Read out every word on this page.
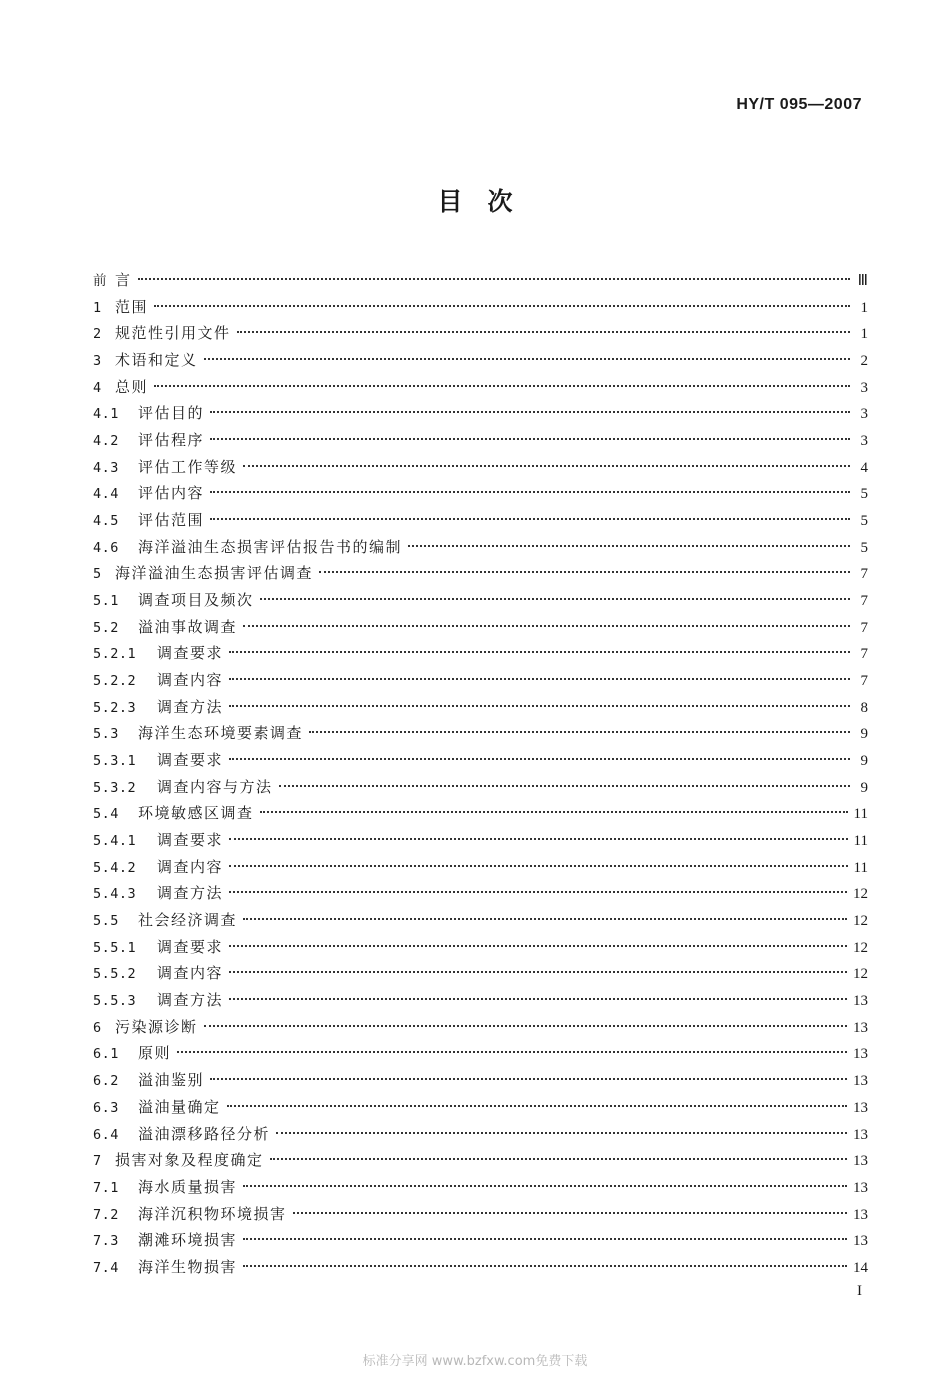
HY/T 095—2007
目　次
前 言	Ⅲ
1 范围	1
2 规范性引用文件	1
3 术语和定义	2
4 总则	3
4.1	评估目的	3
4.2	评估程序	3
4.3	评估工作等级	4
4.4	评估内容	5
4.5	评估范围	5
4.6	海洋溢油生态损害评估报告书的编制	5
5 海洋溢油生态损害评估调查	7
5.1	调查项目及频次	7
5.2	溢油事故调查	7
5.2.1	调查要求	7
5.2.2	调查内容	7
5.2.3	调查方法	8
5.3	海洋生态环境要素调查	9
5.3.1	调查要求	9
5.3.2	调查内容与方法	9
5.4	环境敏感区调查	11
5.4.1	调查要求	11
5.4.2	调查内容	11
5.4.3	调查方法	12
5.5	社会经济调查	12
5.5.1	调查要求	12
5.5.2	调查内容	12
5.5.3	调查方法	13
6 污染源诊断	13
6.1	原则	13
6.2	溢油鉴别	13
6.3	溢油量确定	13
6.4	溢油漂移路径分析	13
7 损害对象及程度确定	13
7.1	海水质量损害	13
7.2	海洋沉积物环境损害	13
7.3	潮滩环境损害	13
7.4	海洋生物损害	14
I
标准分享网 www.bzfxw.com免费下载
